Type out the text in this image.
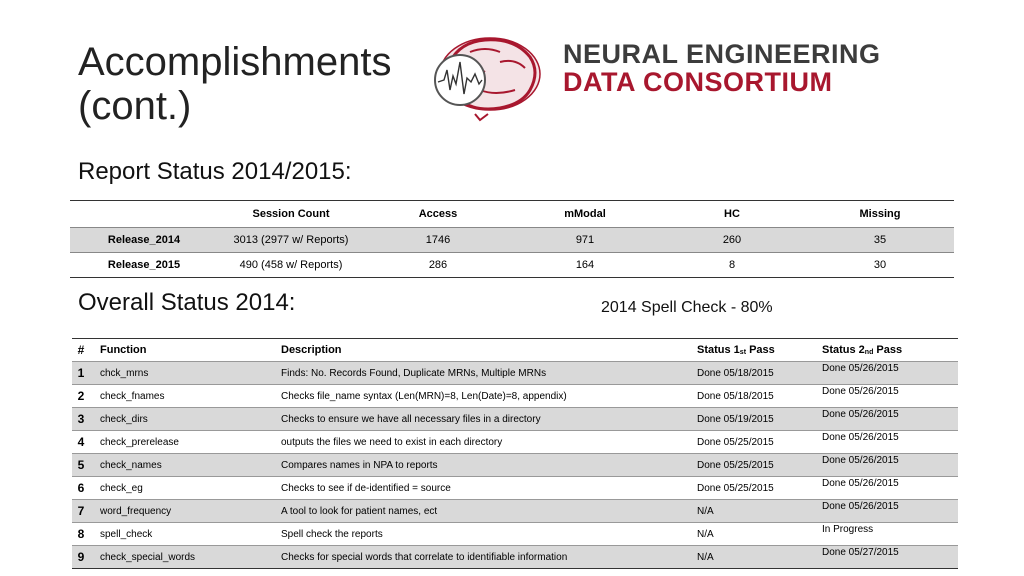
Accomplishments
(cont.)
NEURAL ENGINEERING
DATA CONSORTIUM
Report Status 2014/2015:
	Session Count	Access	mModal	HC	Missing
Release_2014	3013 (2977 w/ Reports)	1746	971	260	35
Release_2015	490 (458 w/ Reports)	286	164	8	30
Overall Status 2014:	2014 Spell Check - 80%
#	Function	Description	Status $1_{st}$ Pass	Status $2_{nd}$ Pass
1	chck_mrns	Finds: No. Records Found, Duplicate MRNs, Multiple MRNs	Done 05/18/2015	Done 05/26/2015
2	check_fnames	Checks file_name syntax (Len(MRN)=8, Len(Date)=8, appendix)	Done 05/18/2015	Done 05/26/2015
3	check_dirs	Checks to ensure we have all necessary files in a directory	Done 05/19/2015	Done 05/26/2015
4	check_prerelease	outputs the files we need to exist in each directory	Done 05/25/2015	Done 05/26/2015
5	check_names	Compares names in NPA to reports	Done 05/25/2015	Done 05/26/2015
6	check_eg	Checks to see if de-identified = source	Done 05/25/2015	Done 05/26/2015
7	word_frequency	A tool to look for patient names, ect	N/A	Done 05/26/2015
8	spell_check	Spell check the reports	N/A	In Progress
9	check_special_words	Checks for special words that correlate to identifiable information	N/A	Done 05/27/2015
